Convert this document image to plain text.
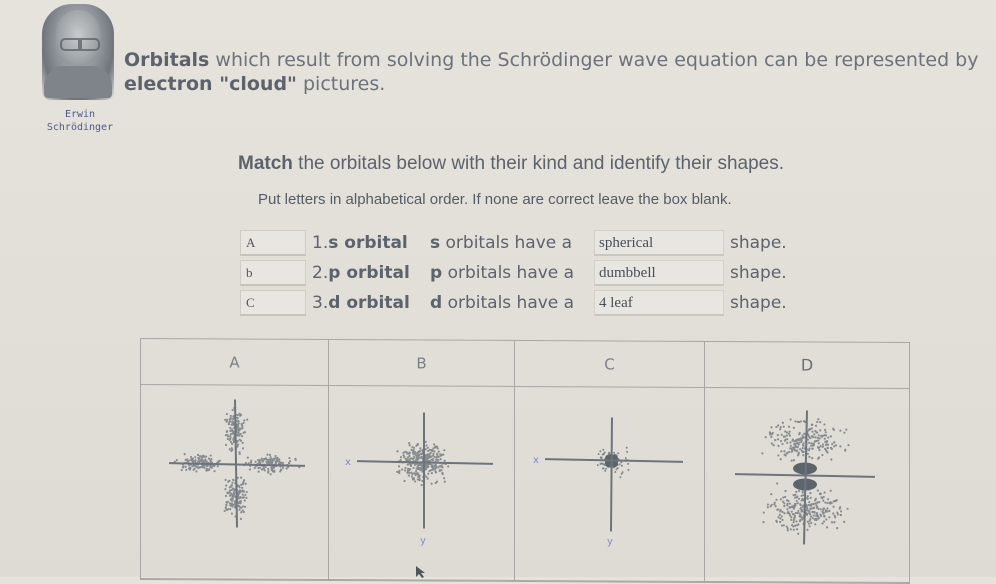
Erwin
Schrödinger
Orbitals which result from solving the Schrödinger wave equation can be represented by electron "cloud" pictures.
Match the orbitals below with their kind and identify their shapes.
Put letters in alphabetical order. If none are correct leave the box blank.
A	1.s orbital	s orbitals have a	spherical	shape.
b	2.p orbital	p orbitals have a	dumbbell	shape.
C	3.d orbital	d orbitals have a	4 leaf	shape.
A	B	C	D
x
y
x
y
